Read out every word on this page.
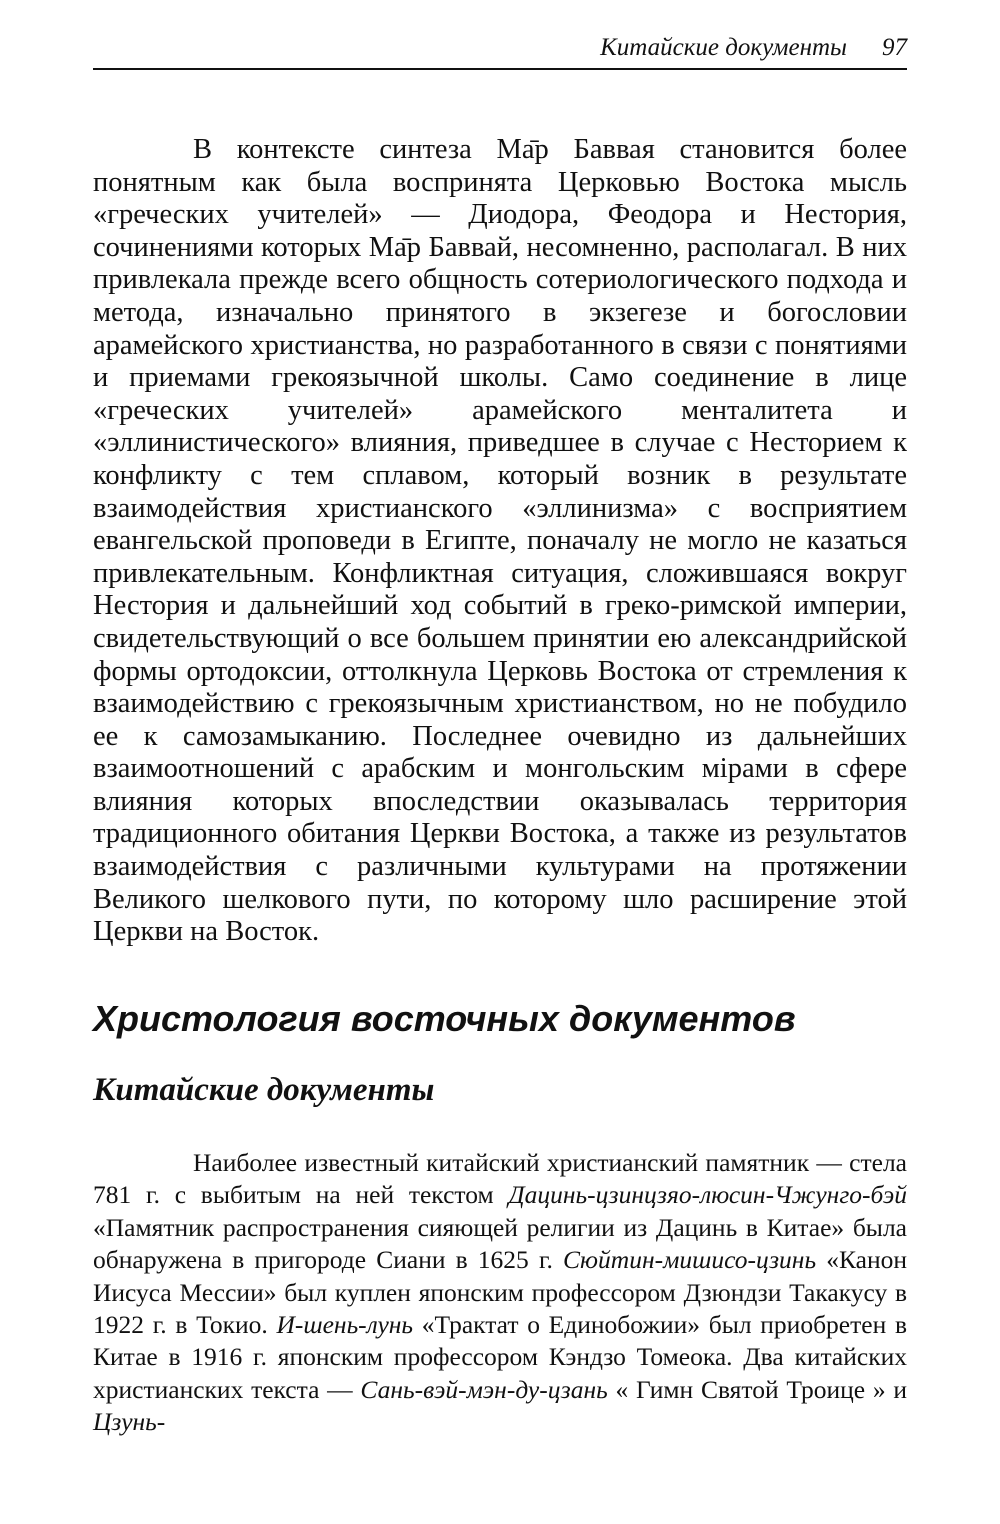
Китайские документы 97

В контексте синтеза Ма̄р Баввая становится более понятным как была воспринята Церковью Востока мысль «греческих учителей» — Диодора, Феодора и Нестория, сочинениями которых Ма̄р Баввай, несомненно, располагал. В них привлекала прежде всего общность сотериологического подхода и метода, изначально принятого в экзегезе и богословии арамейского христианства, но разработанного в связи с понятиями и приемами грекоязычной школы. Само соединение в лице «греческих учителей» арамейского менталитета и «эллинистического» влияния, приведшее в случае с Несторием к конфликту с тем сплавом, который возник в результате взаимодействия христианского «эллинизма» с восприятием евангельской проповеди в Египте, поначалу не могло не казаться привлекательным. Конфликтная ситуация, сложившаяся вокруг Нестория и дальнейший ход событий в греко-римской империи, свидетельствующий о все большем принятии ею александрийской формы ортодоксии, оттолкнула Церковь Востока от стремления к взаимодействию с грекоязычным христианством, но не побудило ее к самозамыканию. Последнее очевидно из дальнейших взаимоотношений с арабским и монгольским мірами в сфере влияния которых впоследствии оказывалась территория традиционного обитания Церкви Востока, а также из результатов взаимодействия с различными культурами на протяжении Великого шелкового пути, по которому шло расширение этой Церкви на Восток.

Христология восточных документов
Китайские документы

Наиболее известный китайский христианский памятник — стела 781 г. с выбитым на ней текстом Дацинь-цзинцзяо-люсин-Чжунго-бэй «Памятник распространения сияющей религии из Дацинь в Китае» была обнаружена в пригороде Сиани в 1625 г. Сюйтин-мишисо-цзинь «Канон Иисуса Мессии» был куплен японским профессором Дзюндзи Такакусу в 1922 г. в Токио. И-шень-лунь «Трактат о Единобожии» был приобретен в Китае в 1916 г. японским профессором Кэндзо Томеока. Два китайских христианских текста — Сань-вэй-мэн-ду-цзань « Гимн Святой Троице » и Цзунь-
